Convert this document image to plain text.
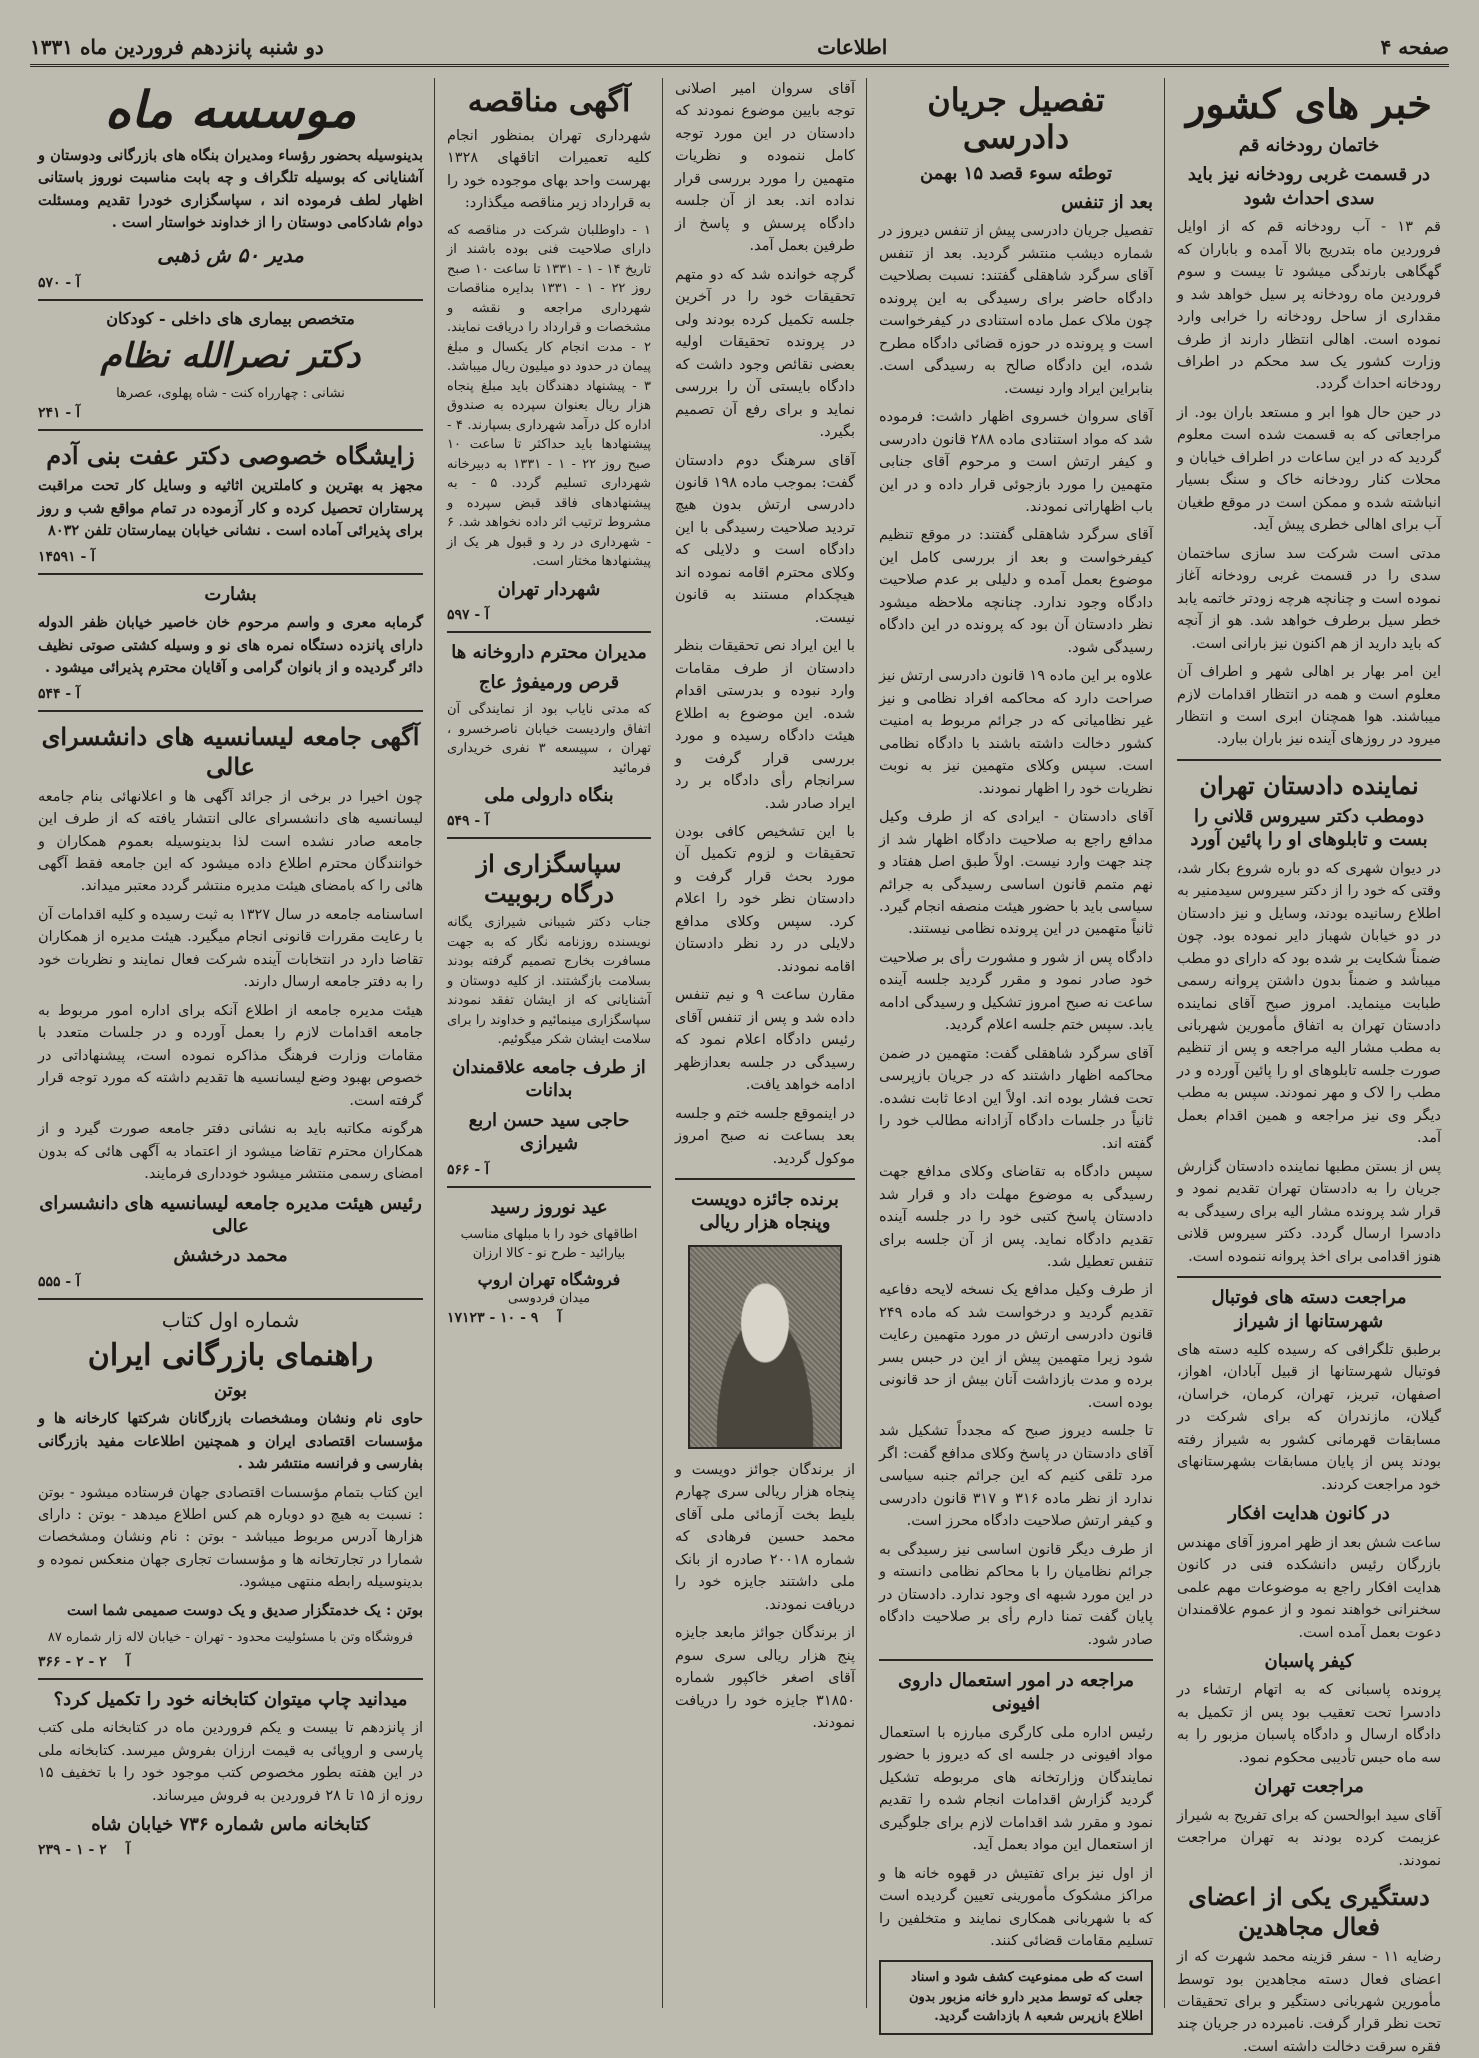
صفحه ۴
اطلاعات
دو شنبه پانزدهم فروردین ماه ۱۳۳۱
خبر های کشور
خاتمان رودخانه قم
در قسمت غربی رودخانه نیز باید سدی احداث شود

قم ۱۳ - آب رودخانه قم که از اوایل فروردین ماه بتدریج بالا آمده و باباران که گهگاهی بارندگی میشود تا بیست و سوم فروردین ماه رودخانه پر سیل خواهد شد و مقداری از ساحل رودخانه را خرابی وارد نموده است. اهالی انتظار دارند از طرف وزارت کشور یک سد محکم در اطراف رودخانه احداث گردد.

در حین حال هوا ابر و مستعد باران بود. از مراجعاتی که به قسمت شده است معلوم گردید که در این ساعات در اطراف خیابان و محلات کنار رودخانه خاک و سنگ بسیار انباشته شده و ممکن است در موقع طغیان آب برای اهالی خطری پیش آید.

مدتی است شرکت سد سازی ساختمان سدی را در قسمت غربی رودخانه آغاز نموده است و چنانچه هرچه زودتر خاتمه یابد خطر سیل برطرف خواهد شد. هو از آنچه که باید دارید از هم اکنون نیز بارانی است.

این امر بهار بر اهالی شهر و اطراف آن معلوم است و همه در انتظار اقدامات لازم میباشند. هوا همچنان ابری است و انتظار میرود در روزهای آینده نیز باران ببارد.

نماینده دادستان تهران
دومطب دکتر سیروس قلانی را بست و تابلوهای او را پائین آورد

در دیوان شهری که دو باره شروع بکار شد، وقتی که خود را از دکتر سیروس سیدمنیر به اطلاع رسانیده بودند، وسایل و نیز دادستان در دو خیابان شهباز دایر نموده بود. چون ضمناً شکایت بر شده بود که دارای دو مطب میباشد و ضمناً بدون داشتن پروانه رسمی طبابت مینماید. امروز صبح آقای نماینده دادستان تهران به اتفاق مأمورین شهربانی به مطب مشار الیه مراجعه و پس از تنظیم صورت جلسه تابلوهای او را پائین آورده و در مطب را لاک و مهر نمودند. سپس به مطب دیگر وی نیز مراجعه و همین اقدام بعمل آمد.

پس از بستن مطبها نماینده دادستان گزارش جریان را به دادستان تهران تقدیم نمود و قرار شد پرونده مشار الیه برای رسیدگی به دادسرا ارسال گردد. دکتر سیروس قلانی هنوز اقدامی برای اخذ پروانه ننموده است.

مراجعت دسته های فوتبال شهرستانها از شیراز

برطبق تلگرافی که رسیده کلیه دسته های فوتبال شهرستانها از قبیل آبادان، اهواز، اصفهان، تبریز، تهران، کرمان، خراسان، گیلان، مازندران که برای شرکت در مسابقات قهرمانی کشور به شیراز رفته بودند پس از پایان مسابقات بشهرستانهای خود مراجعت کردند.

در کانون هدایت افکار

ساعت شش بعد از ظهر امروز آقای مهندس بازرگان رئیس دانشکده فنی در کانون هدایت افکار راجع به موضوعات مهم علمی سخنرانی خواهند نمود و از عموم علاقمندان دعوت بعمل آمده است.

کیفر پاسبان

پرونده پاسبانی که به اتهام ارتشاء در دادسرا تحت تعقیب بود پس از تکمیل به دادگاه ارسال و دادگاه پاسبان مزبور را به سه ماه حبس تأدیبی محکوم نمود.

مراجعت تهران

آقای سید ابوالحسن که برای تفریح به شیراز عزیمت کرده بودند به تهران مراجعت نمودند.

دستگیری یکی از اعضای فعال مجاهدین

رضایه ۱۱ - سفر قزینه محمد شهرت که از اعضای فعال دسته مجاهدین بود توسط مأمورین شهربانی دستگیر و برای تحقیقات تحت نظر قرار گرفت. نامبرده در جریان چند فقره سرقت دخالت داشته است.

تفصیل جریان دادرسی
توطئه سوء قصد ۱۵ بهمن
بعد از تنفس

تفصیل جریان دادرسی پیش از تنفس دیروز در شماره دیشب منتشر گردید. بعد از تنفس آقای سرگرد شاهقلی گفتند: نسبت بصلاحیت دادگاه حاضر برای رسیدگی به این پرونده چون ملاک عمل ماده استنادی در کیفرخواست است و پرونده در حوزه قضائی دادگاه مطرح شده، این دادگاه صالح به رسیدگی است. بنابراین ایراد وارد نیست.

آقای سروان خسروی اظهار داشت: فرموده شد که مواد استنادی ماده ۲۸۸ قانون دادرسی و کیفر ارتش است و مرحوم آقای جنابی متهمین را مورد بازجوئی قرار داده و در این باب اظهاراتی نمودند.

آقای سرگرد شاهقلی گفتند: در موقع تنظیم کیفرخواست و بعد از بررسی کامل این موضوع بعمل آمده و دلیلی بر عدم صلاحیت دادگاه وجود ندارد. چنانچه ملاحظه میشود نظر دادستان آن بود که پرونده در این دادگاه رسیدگی شود.

علاوه بر این ماده ۱۹ قانون دادرسی ارتش نیز صراحت دارد که محاکمه افراد نظامی و نیز غیر نظامیانی که در جرائم مربوط به امنیت کشور دخالت داشته باشند با دادگاه نظامی است. سپس وکلای متهمین نیز به نوبت نظریات خود را اظهار نمودند.

آقای دادستان - ایرادی که از طرف وکیل مدافع راجع به صلاحیت دادگاه اظهار شد از چند جهت وارد نیست. اولاً طبق اصل هفتاد و نهم متمم قانون اساسی رسیدگی به جرائم سیاسی باید با حضور هیئت منصفه انجام گیرد. ثانیاً متهمین در این پرونده نظامی نیستند.

دادگاه پس از شور و مشورت رأی بر صلاحیت خود صادر نمود و مقرر گردید جلسه آینده ساعت نه صبح امروز تشکیل و رسیدگی ادامه یابد. سپس ختم جلسه اعلام گردید.

آقای سرگرد شاهقلی گفت: متهمین در ضمن محاکمه اظهار داشتند که در جریان بازپرسی تحت فشار بوده اند. اولاً این ادعا ثابت نشده. ثانیاً در جلسات دادگاه آزادانه مطالب خود را گفته اند.

سپس دادگاه به تقاضای وکلای مدافع جهت رسیدگی به موضوع مهلت داد و قرار شد دادستان پاسخ کتبی خود را در جلسه آینده تقدیم دادگاه نماید. پس از آن جلسه برای تنفس تعطیل شد.

از طرف وکیل مدافع یک نسخه لایحه دفاعیه تقدیم گردید و درخواست شد که ماده ۲۴۹ قانون دادرسی ارتش در مورد متهمین رعایت شود زیرا متهمین پیش از این در حبس بسر برده و مدت بازداشت آنان بیش از حد قانونی بوده است.

تا جلسه دیروز صبح که مجدداً تشکیل شد آقای دادستان در پاسخ وکلای مدافع گفت: اگر مرد تلقی کنیم که این جرائم جنبه سیاسی ندارد از نظر ماده ۳۱۶ و ۳۱۷ قانون دادرسی و کیفر ارتش صلاحیت دادگاه محرز است.

از طرف دیگر قانون اساسی نیز رسیدگی به جرائم نظامیان را با محاکم نظامی دانسته و در این مورد شبهه ای وجود ندارد. دادستان در پایان گفت تمنا دارم رأی بر صلاحیت دادگاه صادر شود.

مراجعه در امور استعمال داروی افیونی

رئیس اداره ملی کارگری مبارزه با استعمال مواد افیونی در جلسه ای که دیروز با حضور نمایندگان وزارتخانه های مربوطه تشکیل گردید گزارش اقدامات انجام شده را تقدیم نمود و مقرر شد اقدامات لازم برای جلوگیری از استعمال این مواد بعمل آید.

از اول نیز برای تفتیش در قهوه خانه ها و مراکز مشکوک مأمورینی تعیین گردیده است که با شهربانی همکاری نمایند و متخلفین را تسلیم مقامات قضائی کنند.

است که طی ممنوعیت کشف شود و اسناد جعلی که توسط مدیر دارو خانه مزبور بدون اطلاع بازپرس شعبه ۸ بازداشت گردید.

آقای سروان امیر اصلانی توجه بایین موضوع نمودند که دادستان در این مورد توجه کامل ننموده و نظریات متهمین را مورد بررسی قرار نداده اند. بعد از آن جلسه دادگاه پرسش و پاسخ از طرفین بعمل آمد.

گرچه خوانده شد که دو متهم تحقیقات خود را در آخرین جلسه تکمیل کرده بودند ولی در پرونده تحقیقات اولیه بعضی نقائص وجود داشت که دادگاه بایستی آن را بررسی نماید و برای رفع آن تصمیم بگیرد.

آقای سرهنگ دوم دادستان گفت: بموجب ماده ۱۹۸ قانون دادرسی ارتش بدون هیچ تردید صلاحیت رسیدگی با این دادگاه است و دلایلی که وکلای محترم اقامه نموده اند هیچکدام مستند به قانون نیست.

با این ایراد نص تحقیقات بنظر دادستان از طرف مقامات وارد نبوده و بدرستی اقدام شده. این موضوع به اطلاع هیئت دادگاه رسیده و مورد بررسی قرار گرفت و سرانجام رأی دادگاه بر رد ایراد صادر شد.

با این تشخیص کافی بودن تحقیقات و لزوم تکمیل آن مورد بحث قرار گرفت و دادستان نظر خود را اعلام کرد. سپس وکلای مدافع دلایلی در رد نظر دادستان اقامه نمودند.

مقارن ساعت ۹ و نیم تنفس داده شد و پس از تنفس آقای رئیس دادگاه اعلام نمود که رسیدگی در جلسه بعدازظهر ادامه خواهد یافت.

در اینموقع جلسه ختم و جلسه بعد بساعت نه صبح امروز موکول گردید.

برنده جائزه دویست وپنجاه هزار ریالی

از برندگان جوائز دویست و پنجاه هزار ریالی سری چهارم بلیط بخت آزمائی ملی آقای محمد حسین فرهادی که شماره ۲۰۰۱۸ صادره از بانک ملی داشتند جایزه خود را دریافت نمودند.

از برندگان جوائز مابعد جایزه پنج هزار ریالی سری سوم آقای اصغر خاکپور شماره ۳۱۸۵۰ جایزه خود را دریافت نمودند.

موسسه ماه

بدینوسیله بحضور رؤساء ومدیران بنگاه های بازرگانی ودوستان و آشنایانی که بوسیله تلگراف و چه بابت مناسبت نوروز باستانی اظهار لطف فرموده اند ، سپاسگزاری خودرا تقدیم ومسئلت دوام شادکامی دوستان را از خداوند خواستار است .

مدیر ۵۰ ش ذهبی
۵۷۰ - آ
متخصص بیماری های داخلی - کودکان
دکتر نصرالله نظام
نشانی : چهارراه کنت - شاه پهلوی، عصرها
۲۴۱ - آ
زایشگاه خصوصی دکتر عفت بنی آدم

مجهز به بهترین و کاملترین اثاثیه و وسایل کار تحت مراقبت پرستاران تحصیل کرده و کار آزموده در تمام مواقع شب و روز برای پذیرائی آماده است . نشانی خیابان بیمارستان تلفن ۸۰۳۲

۱۴۵۹۱ - آ
بشارت

گرمابه معری و واسم مرحوم خان خاصیر خیابان ظفر الدوله دارای پانزده دستگاه نمره های نو و وسیله کشتی صوتی نظیف دائر گردیده و از بانوان گرامی و آقایان محترم پذیرائی میشود .

۵۴۴ - آ
آگهی جامعه لیسانسیه های دانشسرای عالی

چون اخیرا در برخی از جرائد آگهی ها و اعلانهائی بنام جامعه لیسانسیه های دانشسرای عالی انتشار یافته که از طرف این جامعه صادر نشده است لذا بدینوسیله بعموم همکاران و خوانندگان محترم اطلاع داده میشود که این جامعه فقط آگهی هائی را که بامضای هیئت مدیره منتشر گردد معتبر میداند.

اساسنامه جامعه در سال ۱۳۲۷ به ثبت رسیده و کلیه اقدامات آن با رعایت مقررات قانونی انجام میگیرد. هیئت مدیره از همکاران تقاضا دارد در انتخابات آینده شرکت فعال نمایند و نظریات خود را به دفتر جامعه ارسال دارند.

هیئت مدیره جامعه از اطلاع آنکه برای اداره امور مربوط به جامعه اقدامات لازم را بعمل آورده و در جلسات متعدد با مقامات وزارت فرهنگ مذاکره نموده است، پیشنهاداتی در خصوص بهبود وضع لیسانسیه ها تقدیم داشته که مورد توجه قرار گرفته است.

هرگونه مکاتبه باید به نشانی دفتر جامعه صورت گیرد و از همکاران محترم تقاضا میشود از اعتماد به آگهی هائی که بدون امضای رسمی منتشر میشود خودداری فرمایند.

رئیس هیئت مدیره جامعه لیسانسیه های دانشسرای عالی
محمد درخشش
۵۵۵ - آ
شماره اول کتاب
راهنمای بازرگانی ایران
بوتن

حاوی نام ونشان ومشخصات بازرگانان شرکتها کارخانه ها و مؤسسات اقتصادی ایران و همچنین اطلاعات مفید بازرگانی بفارسی و فرانسه منتشر شد .

این کتاب بتمام مؤسسات اقتصادی جهان فرستاده میشود - بوتن : نسبت به هیچ دو دوباره هم کس اطلاع میدهد - بوتن : دارای هزارها آدرس مربوط میباشد - بوتن : نام ونشان ومشخصات شمارا در تجارتخانه ها و مؤسسات تجاری جهان منعکس نموده و بدینوسیله رابطه منتهی میشود.

بوتن : یک خدمتگزار صدیق و یک دوست صمیمی شما است

فروشگاه وتن با مسئولیت محدود - تهران - خیابان لاله زار شماره ۸۷

۳۶۶ - آ    ۲ - ۲
میدانید چاپ میتوان کتابخانه خود را تکمیل کرد؟

از پانزدهم تا بیست و یکم فروردین ماه در کتابخانه ملی کتب پارسی و اروپائی به قیمت ارزان بفروش میرسد. کتابخانه ملی در این هفته بطور مخصوص کتب موجود خود را با تخفیف ۱۵ روزه از ۱۵ تا ۲۸ فروردین به فروش میرساند.

کتابخانه ماس شماره ۷۳۶ خیابان شاه
۲۳۹ - آ    ۲ - ۱
آگهی مناقصه

شهرداری تهران بمنظور انجام کلیه تعمیرات اتاقهای ۱۳۲۸ بهرست واحد بهای موجوده خود را به قرارداد زیر مناقصه میگذارد:

۱ - داوطلبان شرکت در مناقصه که دارای صلاحیت فنی بوده باشند از تاریخ ۱۴ - ۱ - ۱۳۳۱ تا ساعت ۱۰ صبح روز ۲۲ - ۱ - ۱۳۳۱ بدایره مناقصات شهرداری مراجعه و نقشه و مشخصات و قرارداد را دریافت نمایند. ۲ - مدت انجام کار یکسال و مبلغ پیمان در حدود دو میلیون ریال میباشد. ۳ - پیشنهاد دهندگان باید مبلغ پنجاه هزار ریال بعنوان سپرده به صندوق اداره کل درآمد شهرداری بسپارند. ۴ - پیشنهادها باید حداکثر تا ساعت ۱۰ صبح روز ۲۲ - ۱ - ۱۳۳۱ به دبیرخانه شهرداری تسلیم گردد. ۵ - به پیشنهادهای فاقد قبض سپرده و مشروط ترتیب اثر داده نخواهد شد. ۶ - شهرداری در رد و قبول هر یک از پیشنهادها مختار است.

شهردار تهران
۵۹۷ - آ
مدیران محترم داروخانه ها
قرص ورمیفوژ عاج

که مدتی نایاب بود از نمایندگی آن اتفاق واردیست خیابان ناصرخسرو ، تهران ، سپیسعه ۳ نفری خریداری فرمائید

بنگاه دارولی ملی
۵۴۹ - آ
سپاسگزاری از درگاه ربوبیت

جناب دکتر شیبانی شیرازی یگانه نویسنده روزنامه نگار که به جهت مسافرت بخارج تصمیم گرفته بودند بسلامت بازگشتند. از کلیه دوستان و آشنایانی که از ایشان تفقد نمودند سپاسگزاری مینمائیم و خداوند را برای سلامت ایشان شکر میگوئیم.

از طرف جامعه علاقمندان بدانات
حاجی سید حسن اربع شیرازی
۵۶۶ - آ
عید نوروز رسید

اطاقهای خود را با مبلهای مناسب بیارائید - طرح نو - کالا ارزان

فروشگاه تهران اروپ
میدان فردوسی
۱۷۱۲۳ - آ    ۹ - ۱۰
